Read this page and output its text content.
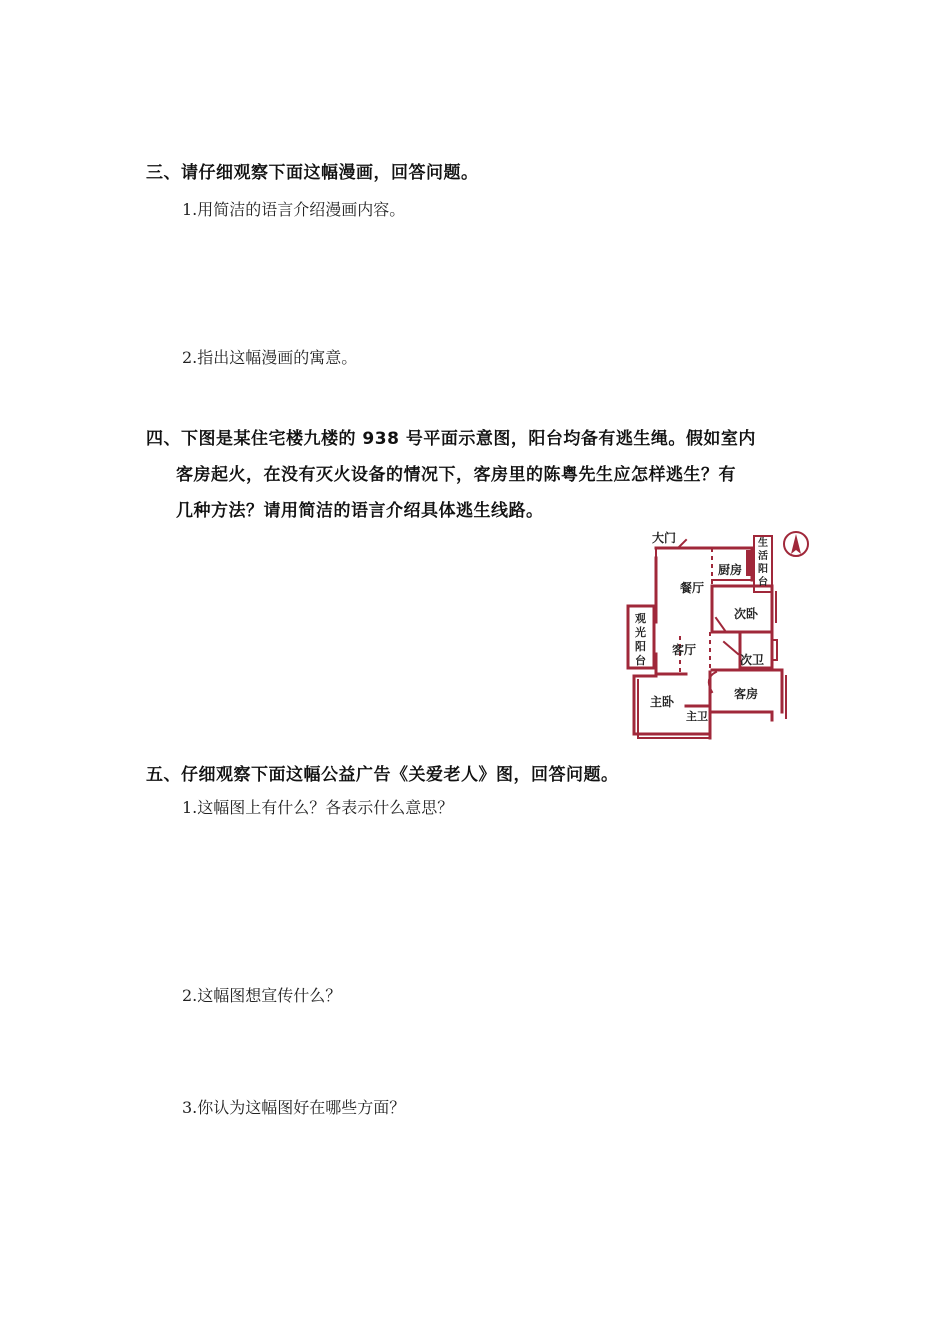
三、请仔细观察下面这幅漫画，回答问题。
1.用简洁的语言介绍漫画内容。
2.指出这幅漫画的寓意。
四、下图是某住宅楼九楼的 938 号平面示意图，阳台均备有逃生绳。假如室内
客房起火，在没有灭火设备的情况下，客房里的陈粤先生应怎样逃生？有
几种方法？请用简洁的语言介绍具体逃生线路。
大门	生
活
阳
台
厨房
餐厅
次卧
观
光
阳
台
客厅
次卫
主卧
客房
主卫
五、仔细观察下面这幅公益广告《关爱老人》图，回答问题。
1.这幅图上有什么？各表示什么意思？
2.这幅图想宣传什么？
3.你认为这幅图好在哪些方面？
